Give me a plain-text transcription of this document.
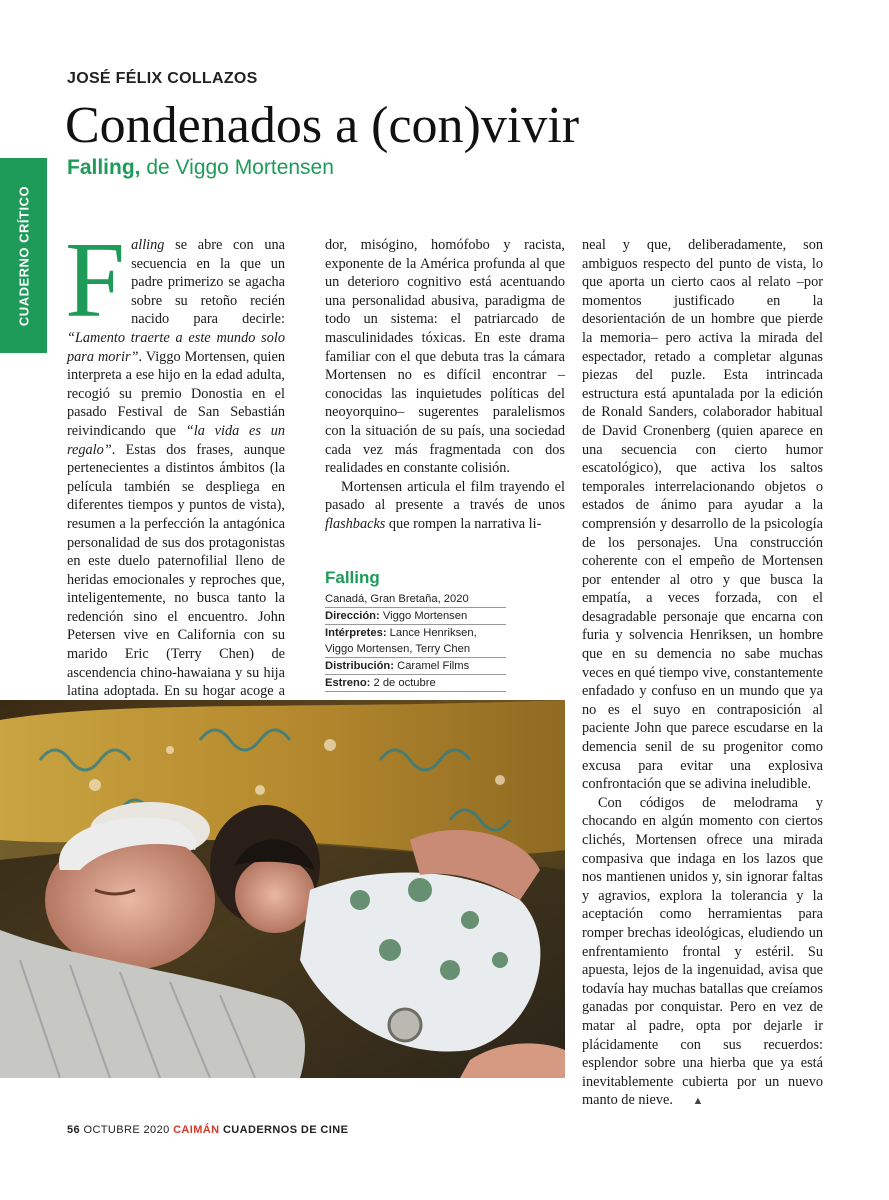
CUADERNO CRÍTICO
JOSÉ FÉLIX COLLAZOS
Condenados a (con)vivir
Falling, de Viggo Mortensen

Falling se abre con una secuencia en la que un padre primerizo se agacha sobre su retoño recién nacido para decirle: “Lamento traerte a este mundo solo para morir”. Viggo Mortensen, quien interpreta a ese hijo en la edad adulta, recogió su premio Donostia en el pasado Festival de San Sebastián reivindicando que “la vida es un regalo”. Estas dos frases, aunque pertenecientes a distintos ámbitos (la película también se despliega en diferentes tiempos y puntos de vista), resumen a la perfección la antagónica personalidad de sus dos protagonistas en este duelo paternofilial lleno de heridas emocionales y reproches que, inteligentemente, no busca tanto la redención sino el encuentro. John Petersen vive en California con su marido Eric (Terry Chen) de ascendencia chino-hawaiana y su hija latina adoptada. En su hogar acoge a

dor, misógino, homófobo y racista, exponente de la América profunda al que un deterioro cognitivo está acentuando una personalidad abusiva, paradigma de todo un sistema: el patriarcado de masculinidades tóxicas. En este drama familiar con el que debuta tras la cámara Mortensen no es difícil encontrar –conocidas las inquietudes políticas del neoyorquino– sugerentes paralelismos con la situación de su país, una sociedad cada vez más fragmentada con dos realidades en constante colisión.

Mortensen articula el film trayendo el pasado al presente a través de unos flashbacks que rompen la narrativa li-

Falling
Canadá, Gran Bretaña, 2020
Dirección: Viggo Mortensen
Intérpretes: Lance Henriksen, Viggo Mortensen, Terry Chen
Distribución: Caramel Films
Estreno: 2 de octubre

neal y que, deliberadamente, son ambiguos respecto del punto de vista, lo que aporta un cierto caos al relato –por momentos justificado en la desorientación de un hombre que pierde la memoria– pero activa la mirada del espectador, retado a completar algunas piezas del puzle. Esta intrincada estructura está apuntalada por la edición de Ronald Sanders, colaborador habitual de David Cronenberg (quien aparece en una secuencia con cierto humor escatológico), que activa los saltos temporales interrelacionando objetos o estados de ánimo para ayudar a la comprensión y desarrollo de la psicología de los personajes. Una construcción coherente con el empeño de Mortensen por entender al otro y que busca la empatía, a veces forzada, con el desagradable personaje que encarna con furia y solvencia Henriksen, un hombre que en su demencia no sabe muchas veces en qué tiempo vive, constantemente enfadado y confuso en un mundo que ya no es el suyo en contraposición al paciente John que parece escudarse en la demencia senil de su progenitor como excusa para evitar una explosiva confrontación que se adivina ineludible.

Con códigos de melodrama y chocando en algún momento con ciertos clichés, Mortensen ofrece una mirada compasiva que indaga en los lazos que nos mantienen unidos y, sin ignorar faltas y agravios, explora la tolerancia y la aceptación como herramientas para romper brechas ideológicas, eludiendo un enfrentamiento frontal y estéril. Su apuesta, lejos de la ingenuidad, avisa que todavía hay muchas batallas que creíamos ganadas por conquistar. Pero en vez de matar al padre, opta por dejarle ir plácidamente con sus recuerdos: esplendor sobre una hierba que ya está inevitablemente cubierta por un nuevo manto de nieve. ▲

56 OCTUBRE 2020 CAIMÁN CUADERNOS DE CINE
